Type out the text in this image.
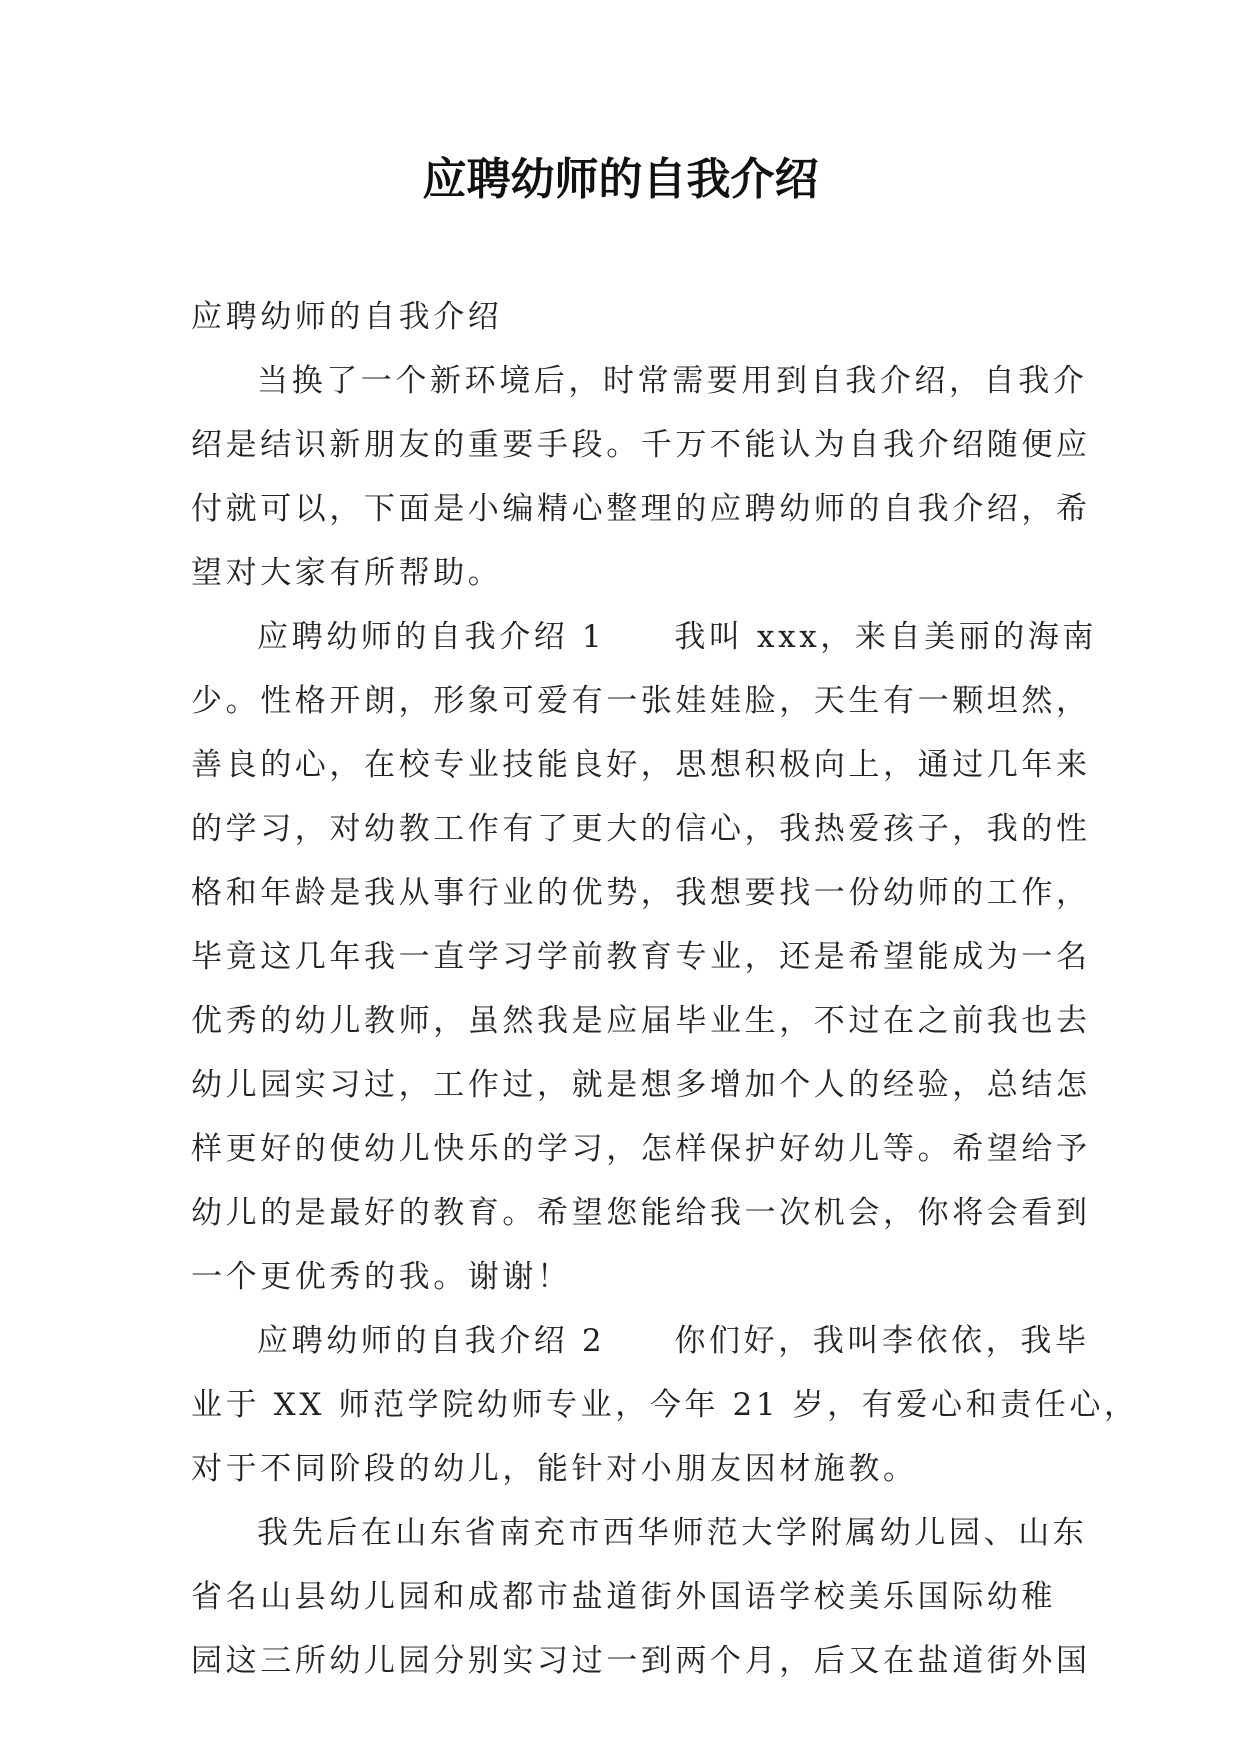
应聘幼师的自我介绍
应聘幼师的自我介绍
当换了一个新环境后，时常需要用到自我介绍，自我介
绍是结识新朋友的重要手段。千万不能认为自我介绍随便应
付就可以，下面是小编精心整理的应聘幼师的自我介绍，希
望对大家有所帮助。
应聘幼师的自我介绍 1　　我叫 xxx，来自美丽的海南
少。性格开朗，形象可爱有一张娃娃脸，天生有一颗坦然，
善良的心，在校专业技能良好，思想积极向上，通过几年来
的学习，对幼教工作有了更大的信心，我热爱孩子，我的性
格和年龄是我从事行业的优势，我想要找一份幼师的工作，
毕竟这几年我一直学习学前教育专业，还是希望能成为一名
优秀的幼儿教师，虽然我是应届毕业生，不过在之前我也去
幼儿园实习过，工作过，就是想多增加个人的经验，总结怎
样更好的使幼儿快乐的学习，怎样保护好幼儿等。希望给予
幼儿的是最好的教育。希望您能给我一次机会，你将会看到
一个更优秀的我。谢谢！
应聘幼师的自我介绍 2　　你们好，我叫李依依，我毕
业于 XX 师范学院幼师专业，今年 21 岁，有爱心和责任心，
对于不同阶段的幼儿，能针对小朋友因材施教。
我先后在山东省南充市西华师范大学附属幼儿园、山东
省名山县幼儿园和成都市盐道街外国语学校美乐国际幼稚
园这三所幼儿园分别实习过一到两个月，后又在盐道街外国
